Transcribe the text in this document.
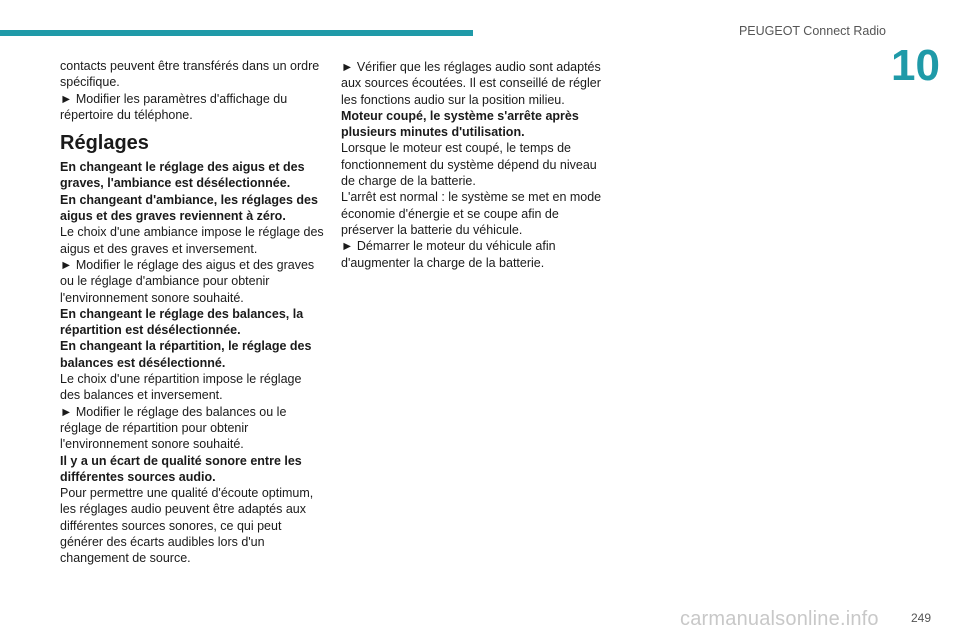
PEUGEOT Connect Radio
10

contacts peuvent être transférés dans un ordre spécifique.

► Modifier les paramètres d'affichage du répertoire du téléphone.

Réglages

En changeant le réglage des aigus et des graves, l'ambiance est désélectionnée.

En changeant d'ambiance, les réglages des aigus et des graves reviennent à zéro.

Le choix d'une ambiance impose le réglage des aigus et des graves et inversement.

► Modifier le réglage des aigus et des graves ou le réglage d'ambiance pour obtenir l'environnement sonore souhaité.

En changeant le réglage des balances, la répartition est désélectionnée.

En changeant la répartition, le réglage des balances est désélectionné.

Le choix d'une répartition impose le réglage des balances et inversement.

► Modifier le réglage des balances ou le réglage de répartition pour obtenir l'environnement sonore souhaité.

Il y a un écart de qualité sonore entre les différentes sources audio.

Pour permettre une qualité d'écoute optimum, les réglages audio peuvent être adaptés aux différentes sources sonores, ce qui peut générer des écarts audibles lors d'un changement de source.

► Vérifier que les réglages audio sont adaptés aux sources écoutées. Il est conseillé de régler les fonctions audio sur la position milieu.

Moteur coupé, le système s'arrête après plusieurs minutes d'utilisation.

Lorsque le moteur est coupé, le temps de fonctionnement du système dépend du niveau de charge de la batterie.

L'arrêt est normal : le système se met en mode économie d'énergie et se coupe afin de préserver la batterie du véhicule.

► Démarrer le moteur du véhicule afin d'augmenter la charge de la batterie.

carmanualsonline.info	249
